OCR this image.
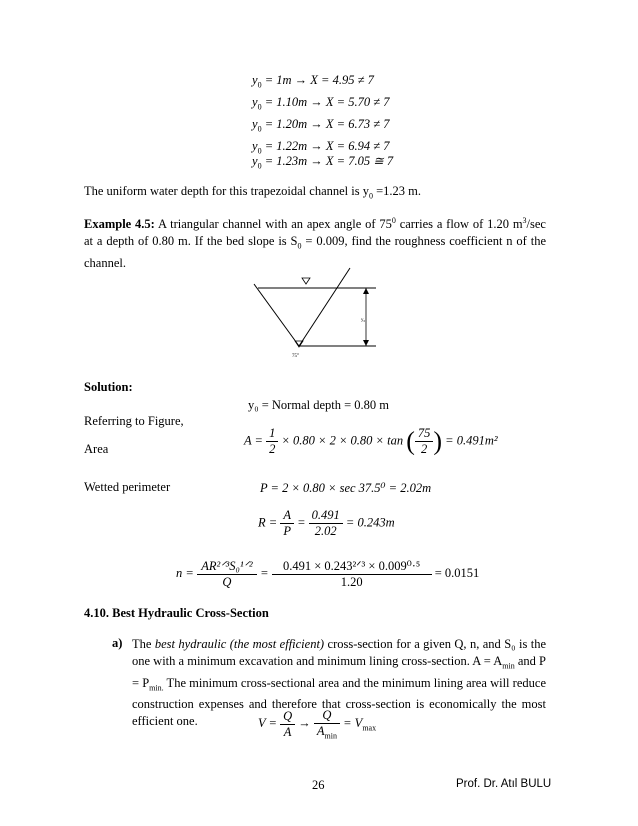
$y_0 = 1m \to X = 4.95 \ne 7$
$y_0 = 1.10m \to X = 5.70 \ne 7$
$y_0 = 1.20m \to X = 6.73 \ne 7$
$y_0 = 1.22m \to X = 6.94 \ne 7$
$y_0 = 1.23m \to X = 7.05$ ≅ 7
The uniform water depth for this trapezoidal channel is $y_0 =1.23$ m.
Example 4.5: A triangular channel with an apex angle of $75^0$ carries a flow of 1.20 $m^3/\sec$ at a depth of 0.80 m. If the bed slope is $S_0 = 0.009$, find the roughness coefficient n of the channel.
y₀
75°
Solution:
y₀ = Normal depth = 0.80 m
Referring to Figure,
Area
$A = \frac{1}{2} \times 0.80 \times 2 \times 0.80 \times \tan$ ( $\frac{75}{2}$ ) = 0.491m²
Wetted perimeter	P = 2 × 0.80 × sec 37.5⁰ = 2.02m
$R = \frac{A}{P} = \frac{0.491}{2.02} = 0.243m$
$n = \frac{\text{AR²ᐟ³S₀¹ᐟ²}}{Q} = \frac{\text{0.491 × 0.243²ᐟ³ × 0.009⁰·⁵}}{1.20} = 0.0151$
4.10. Best Hydraulic Cross-Section
a) The best hydraulic (the most efficient) cross-section for a given Q, n, and S₀ is the one with a minimum excavation and minimum lining cross-section. $A = A_{min}$ and $P = P_{min.}$ The minimum cross-sectional area and the minimum lining area will reduce construction expenses and therefore that cross-section is economically the most efficient one.	$V = \frac{Q}{A} \to \frac{Q}{A_{min}} = V_{max}$
26	Prof. Dr. Atıl BULU
